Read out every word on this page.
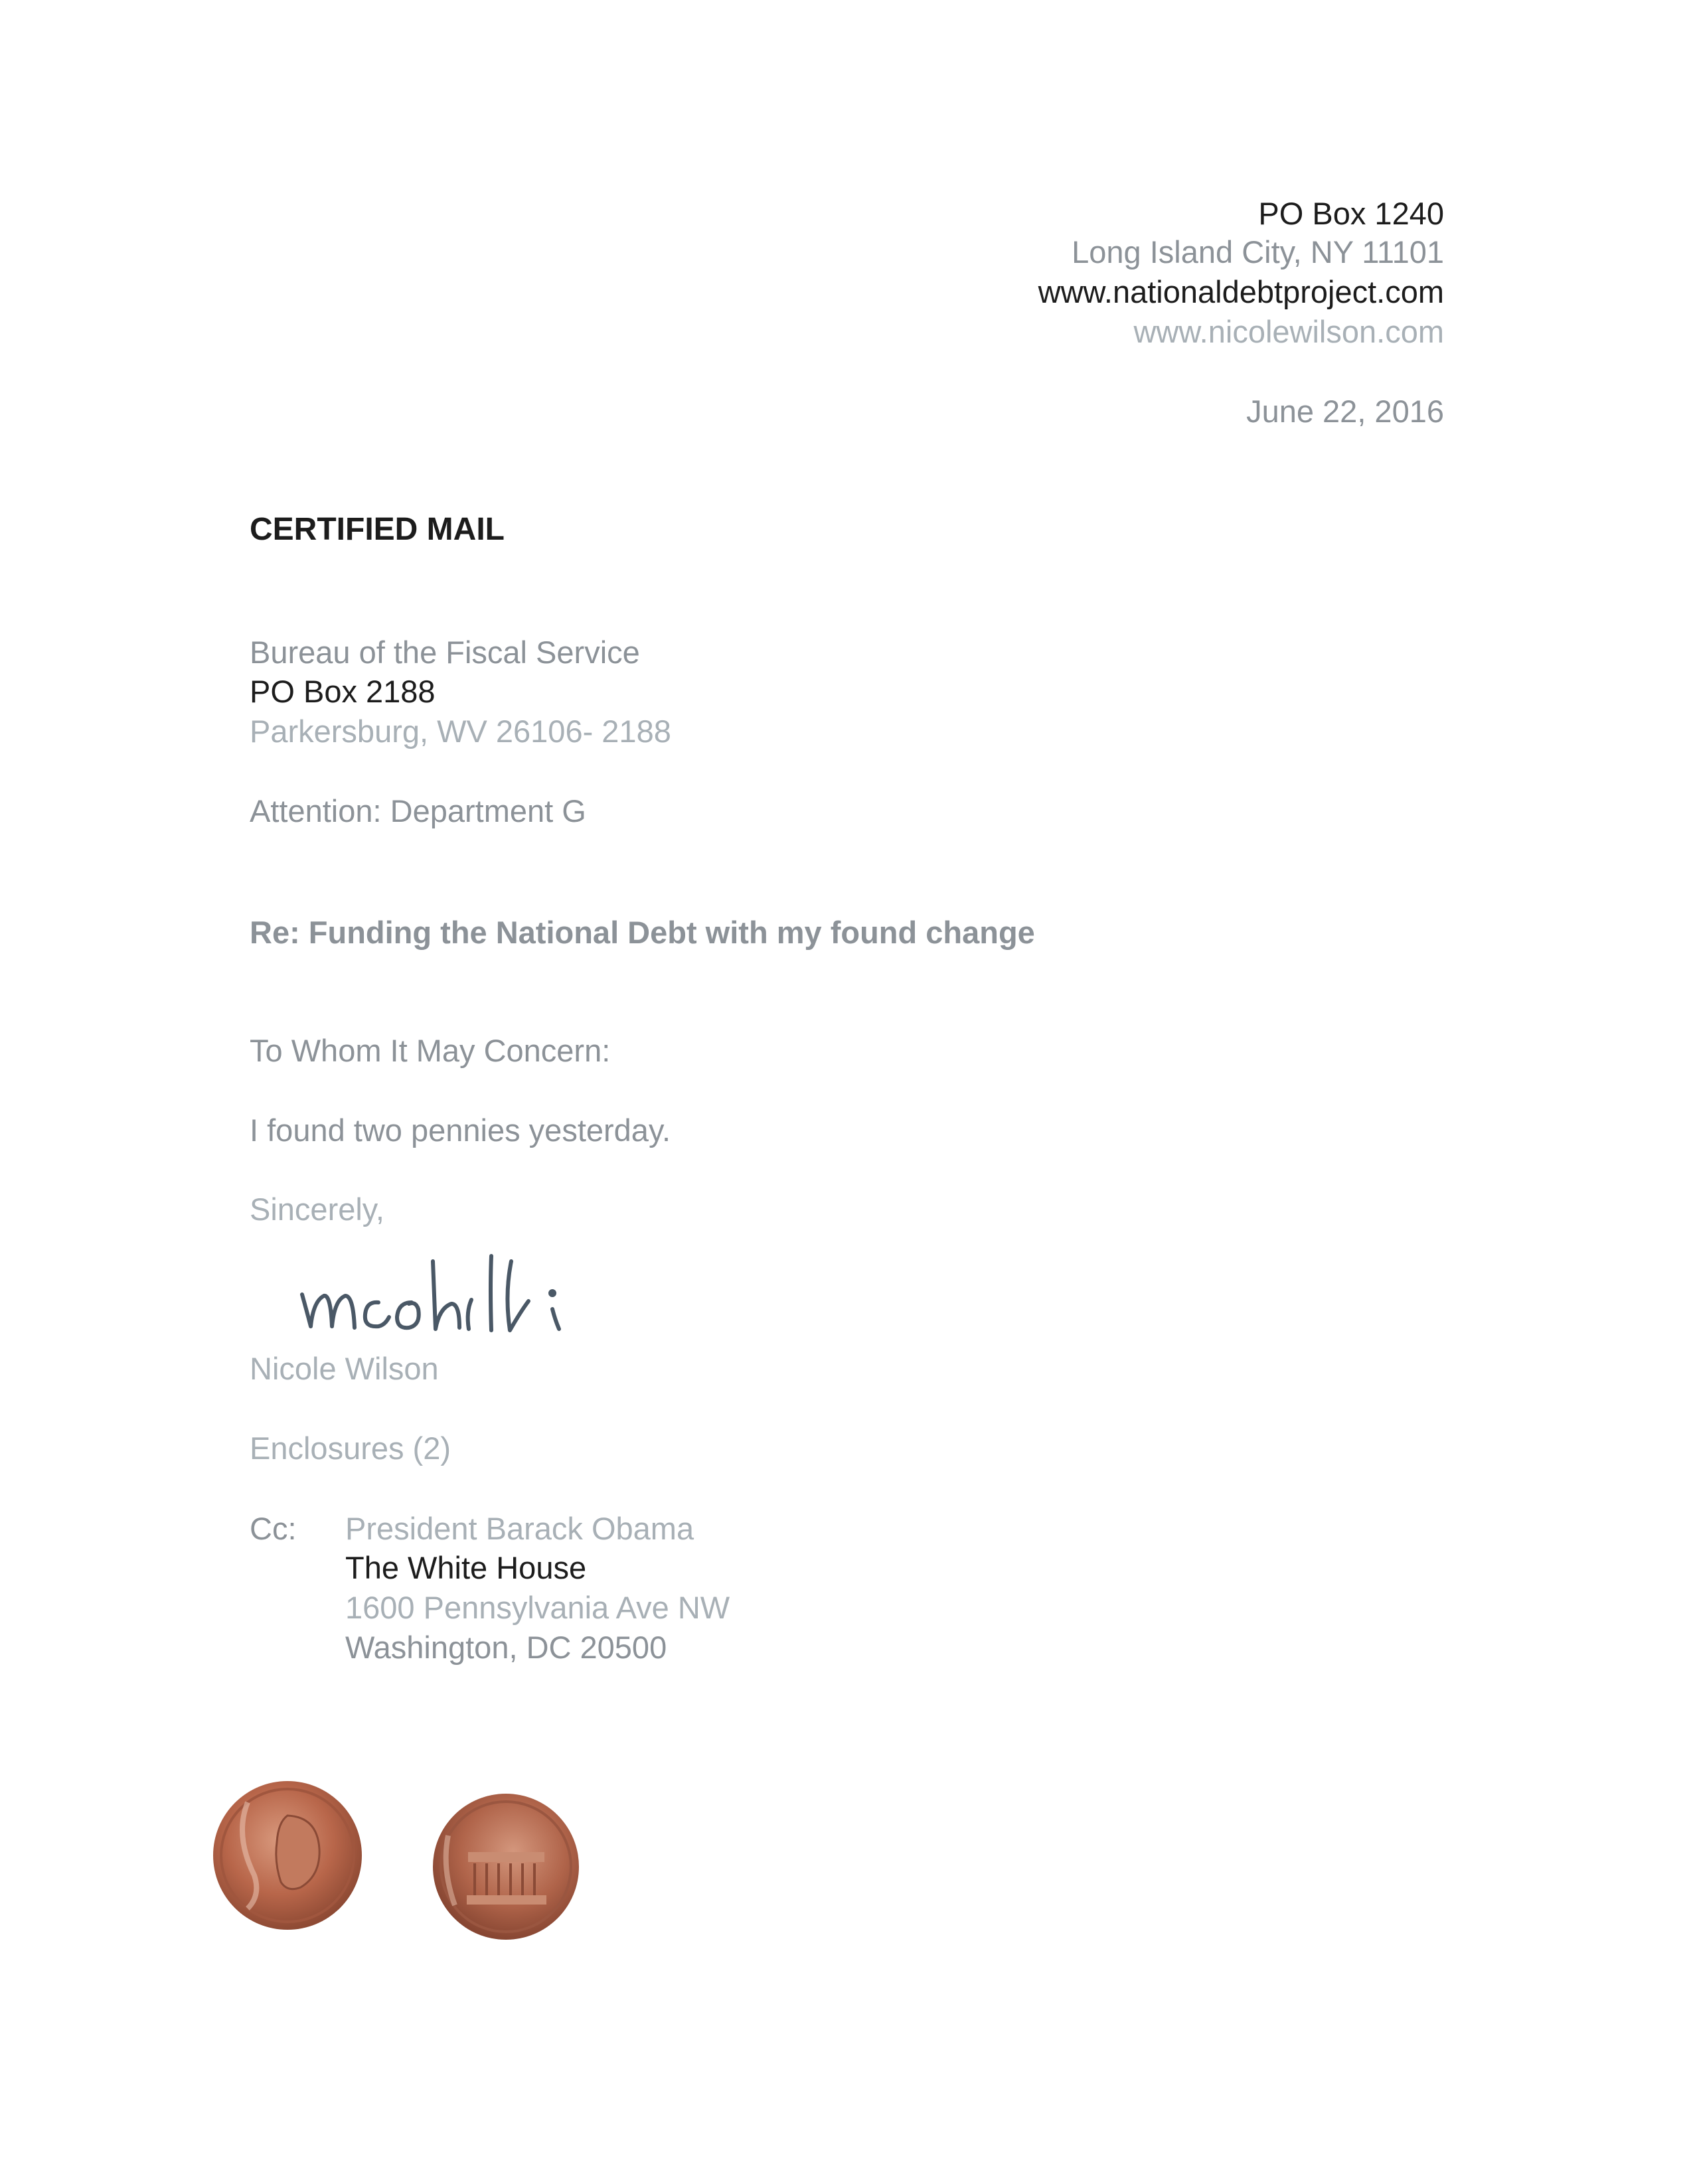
PO Box 1240

Long Island City, NY 11101

www.nationaldebtproject.com

www.nicolewilson.com

June 22, 2016

CERTIFIED MAIL

Bureau of the Fiscal Service

PO Box 2188

Parkersburg, WV 26106- 2188

Attention: Department G

Re: Funding the National Debt with my found change

To Whom It May Concern:

I found two pennies yesterday.

Sincerely,

Nicole Wilson

Enclosures (2)

Cc: President Barack Obama

The White House

1600 Pennsylvania Ave NW

Washington, DC 20500
